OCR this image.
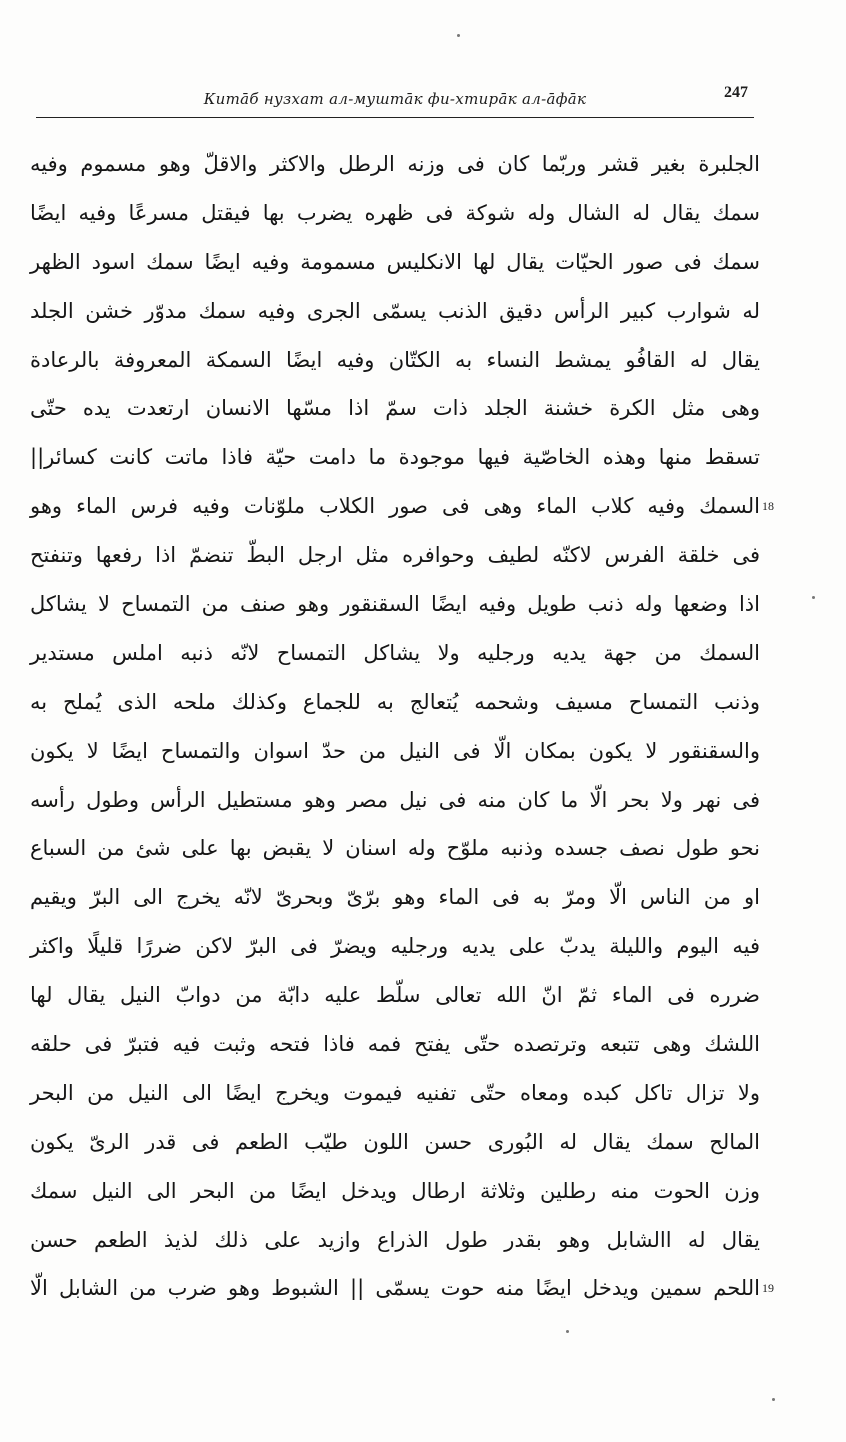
Китāб нузхат ал-муштāк фи-хтирāк ал-āфāк	247
الجلبرة بغير قشر وربّما كان فى وزنه الرطل والاكثر والاقلّ وهو مسموم وفيه
سمك يقال له الشال وله شوكة فى ظهره يضرب بها فيقتل مسرعًا وفيه ايضًا
سمك فى صور الحيّات يقال لها الانكليس مسمومة وفيه ايضًا سمك اسود الظهر
له شوارب كبير الرأس دقيق الذنب يسمّى الجرى وفيه سمك مدوّر خشن الجلد
يقال له القافُو يمشط النساء به الكتّان وفيه ايضًا السمكة المعروفة بالرعادة
وهى مثل الكرة خشنة الجلد ذات سمّ اذا مسّها الانسان ارتعدت يده حتّى
تسقط منها وهذه الخاصّية فيها موجودة ما دامت حيّة فاذا ماتت كانت كسائر||
السمك وفيه كلاب الماء وهى فى صور الكلاب ملوّنات وفيه فرس الماء وهو 18
فى خلقة الفرس لاكنّه لطيف وحوافره مثل ارجل البطّ تنضمّ اذا رفعها وتنفتح
اذا وضعها وله ذنب طويل وفيه ايضًا السقنقور وهو صنف من التمساح لا يشاكل
السمك من جهة يديه ورجليه ولا يشاكل التمساح لانّه ذنبه املس مستدير
وذنب التمساح مسيف وشحمه يُتعالج به للجماع وكذلك ملحه الذى يُملح به
والسقنقور لا يكون بمكان الّا فى النيل من حدّ اسوان والتمساح ايضًا لا يكون
فى نهر ولا بحر الّا ما كان منه فى نيل مصر وهو مستطيل الرأس وطول رأسه
نحو طول نصف جسده وذنبه ملوّح وله اسنان لا يقبض بها على شئ من السباع
او من الناس الّا ومرّ به فى الماء وهو برّىّ وبحرىّ لانّه يخرج الى البرّ ويقيم
فيه اليوم والليلة يدبّ على يديه ورجليه ويضرّ فى البرّ لاكن ضررًا قليلًا واكثر
ضرره فى الماء ثمّ انّ الله تعالى سلّط عليه دابّة من دوابّ النيل يقال لها
اللشك وهى تتبعه وترتصده حتّى يفتح فمه فاذا فتحه وثبت فيه فتبرّ فى حلقه
ولا تزال تاكل كبده ومعاه حتّى تفنيه فيموت ويخرج ايضًا الى النيل من البحر
المالح سمك يقال له البُورى حسن اللون طيّب الطعم فى قدر الرىّ يكون
وزن الحوت منه رطلين وثلاثة ارطال ويدخل ايضًا من البحر الى النيل سمك
يقال له االشابل وهو بقدر طول الذراع وازيد على ذلك لذيذ الطعم حسن
اللحم سمين ويدخل ايضًا منه حوت يسمّى || الشبوط وهو ضرب من الشابل الّا 19
